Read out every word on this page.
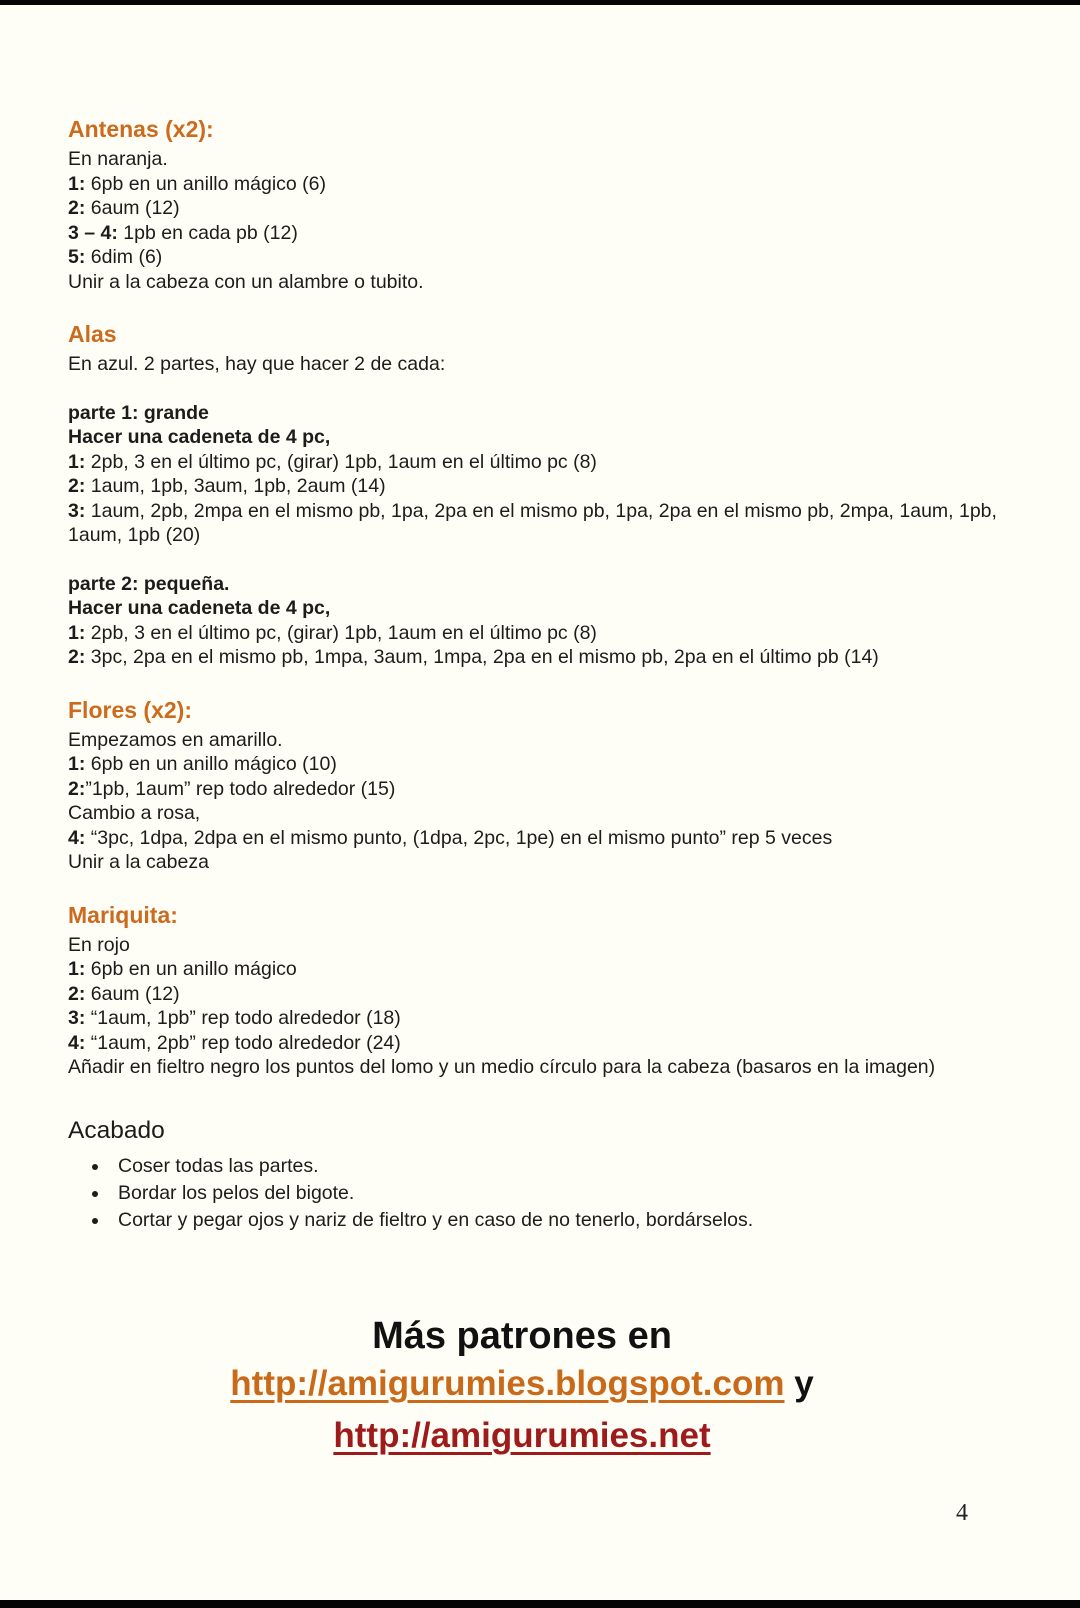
Antenas (x2):

En naranja.

1: 6pb en un anillo mágico (6)

2: 6aum (12)

3 – 4: 1pb en cada pb (12)

5: 6dim (6)

Unir a la cabeza con un alambre o tubito.

Alas

En azul. 2 partes, hay que hacer 2 de cada:

parte 1: grande

Hacer una cadeneta de 4 pc,

1: 2pb, 3 en el último pc, (girar) 1pb, 1aum en el último pc (8)

2: 1aum, 1pb, 3aum, 1pb, 2aum (14)

3: 1aum, 2pb, 2mpa en el mismo pb, 1pa, 2pa en el mismo pb, 1pa, 2pa en el mismo pb, 2mpa, 1aum, 1pb, 1aum, 1pb (20)

parte 2: pequeña.

Hacer una cadeneta de 4 pc,

1: 2pb, 3 en el último pc, (girar) 1pb, 1aum en el último pc (8)

2: 3pc, 2pa en el mismo pb, 1mpa, 3aum, 1mpa, 2pa en el mismo pb, 2pa en el último pb (14)

Flores (x2):

Empezamos en amarillo.

1: 6pb en un anillo mágico (10)

2:”1pb, 1aum” rep todo alrededor (15)

Cambio a rosa,

4: “3pc, 1dpa, 2dpa en el mismo punto, (1dpa, 2pc, 1pe) en el mismo punto” rep 5 veces

Unir a la cabeza

Mariquita:

En rojo

1: 6pb en un anillo mágico

2: 6aum (12)

3: “1aum, 1pb” rep todo alrededor (18)

4: “1aum, 2pb” rep todo alrededor (24)

Añadir en fieltro negro los puntos del lomo y un medio círculo para la cabeza (basaros en la imagen)

Acabado
• Coser todas las partes.
• Bordar los pelos del bigote.
• Cortar y pegar ojos y nariz de fieltro y en caso de no tenerlo, bordárselos.
Más patrones en
http://amigurumies.blogspot.com y
http://amigurumies.net
4
